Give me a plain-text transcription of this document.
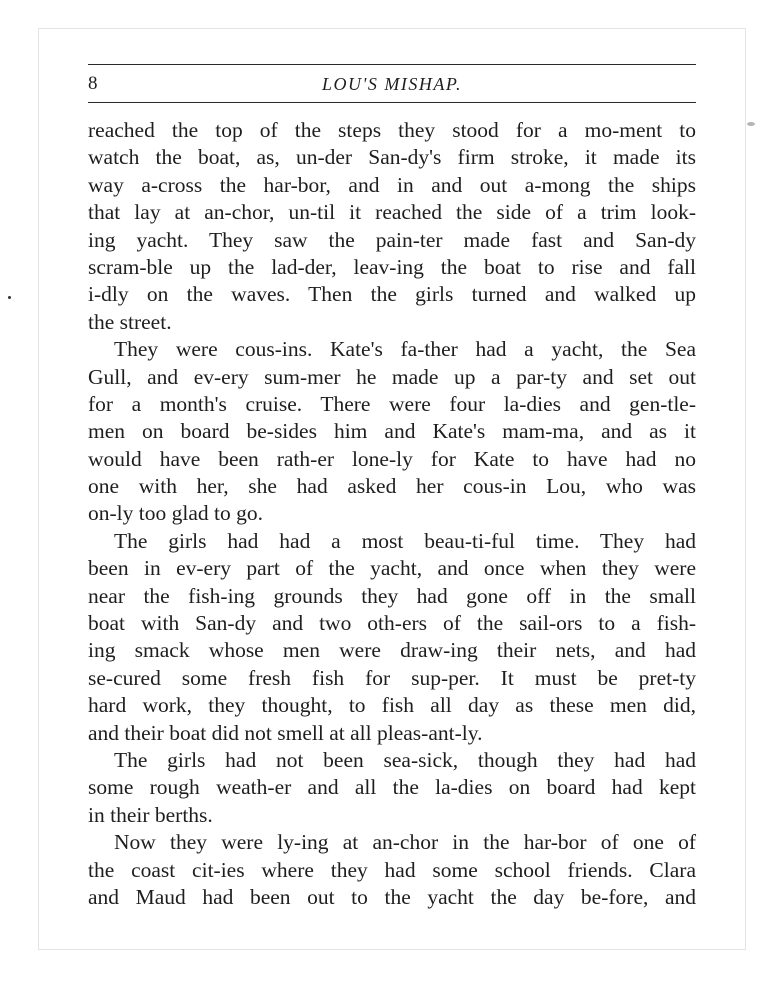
8	LOU'S MISHAP.
reached the top of the steps they stood for a mo-ment to
watch the boat, as, un-der San-dy's firm stroke, it made its
way a-cross the har-bor, and in and out a-mong the ships
that lay at an-chor, un-til it reached the side of a trim look-
ing yacht. They saw the pain-ter made fast and San-dy
scram-ble up the lad-der, leav-ing the boat to rise and fall
i-dly on the waves. Then the girls turned and walked up
the street.
They were cous-ins. Kate's fa-ther had a yacht, the Sea
Gull, and ev-ery sum-mer he made up a par-ty and set out
for a month's cruise. There were four la-dies and gen-tle-
men on board be-sides him and Kate's mam-ma, and as it
would have been rath-er lone-ly for Kate to have had no
one with her, she had asked her cous-in Lou, who was
on-ly too glad to go.
The girls had had a most beau-ti-ful time. They had
been in ev-ery part of the yacht, and once when they were
near the fish-ing grounds they had gone off in the small
boat with San-dy and two oth-ers of the sail-ors to a fish-
ing smack whose men were draw-ing their nets, and had
se-cured some fresh fish for sup-per. It must be pret-ty
hard work, they thought, to fish all day as these men did,
and their boat did not smell at all pleas-ant-ly.
The girls had not been sea-sick, though they had had
some rough weath-er and all the la-dies on board had kept
in their berths.
Now they were ly-ing at an-chor in the har-bor of one of
the coast cit-ies where they had some school friends. Clara
and Maud had been out to the yacht the day be-fore, and
